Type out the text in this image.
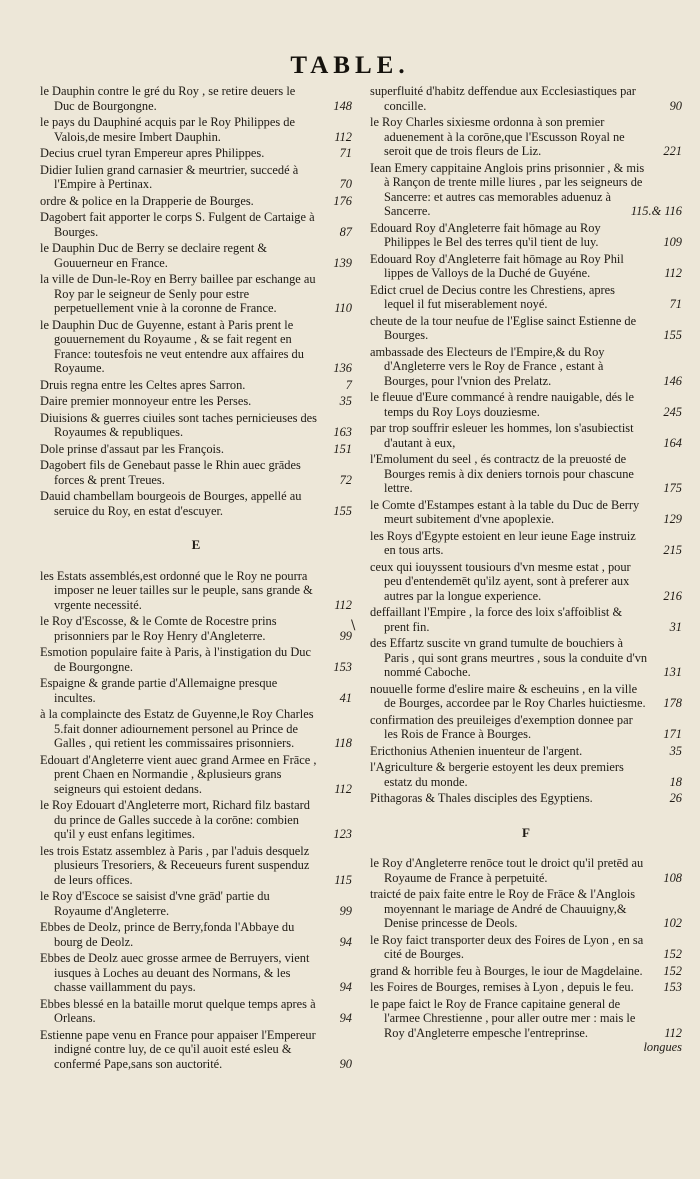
TABLE.
le Dauphin contre le gré du Roy , se retire deuers le Duc de Bourgongne.	148
le pays du Dauphiné acquis par le Roy Philippes de Valois,de mesire Imbert Dauphin.	112
Decius cruel tyran Empereur apres Philippes.	71
Didier Iulien grand carnasier & meurtrier, succedé à l'Empire à Pertinax.	70
ordre & police en la Drapperie de Bourges.	176
Dagobert fait apporter le corps S. Fulgent de Cartaige à Bourges.	87
le Dauphin Duc de Berry se declaire regent & Gouuerneur en France.	139
la ville de Dun-le-Roy en Berry baillee par eschange au Roy par le seigneur de Senly pour estre perpetuellement vnie à la coronne de France.	110
le Dauphin Duc de Guyenne, estant à Paris prent le gouuernement du Royaume , & se fait regent en France: toutesfois ne veut entendre aux affaires du Royaume.	136
Druis regna entre les Celtes apres Sarron.	7
Daire premier monnoyeur entre les Perses.	35
Diuisions & guerres ciuiles sont taches pernicieuses des Royaumes & republiques.	163
Dole prinse d'assaut par les François.	151
Dagobert fils de Genebaut passe le Rhin auec grādes forces & prent Treues.	72
Dauid chambellam bourgeois de Bourges, appellé au seruice du Roy, en estat d'escuyer.	155
E
les Estats assemblés,est ordonné que le Roy ne pourra imposer ne leuer tailles sur le peuple, sans grande & vrgente necessité.	112
le Roy d'Escosse, & le Comte de Rocestre prins prisonniers par le Roy Henry d'Angleterre.	99
Esmotion populaire faite à Paris, à l'instigation du Duc de Bourgongne.	153
Espaigne & grande partie d'Allemaigne presque incultes.	41
à la complaincte des Estatz de Guyenne,le Roy Charles 5.fait donner adiournement personel au Prince de Galles , qui retient les commissaires prisonniers.	118
Edouart d'Angleterre vient auec grand Armee en Frāce , prent Chaen en Normandie , &plusieurs grans seigneurs qui estoient dedans.	112
le Roy Edouart d'Angleterre mort, Richard filz bastard du prince de Galles succede à la corōne: combien qu'il y eust enfans legitimes.	123
les trois Estatz assemblez à Paris , par l'aduis desquelz plusieurs Tresoriers, & Receueurs furent suspenduz de leurs offices.	115
le Roy d'Escoce se saisist d'vne grād' partie du Royaume d'Angleterre.	99
Ebbes de Deolz, prince de Berry,fonda l'Abbaye du bourg de Deolz.	94
Ebbes de Deolz auec grosse armee de Berruyers, vient iusques à Loches au deuant des Normans, & les chasse vaillamment du pays.	94
Ebbes blessé en la bataille morut quelque temps apres à Orleans.	94
Estienne pape venu en France pour appaiser l'Empereur indigné contre luy, de ce qu'il auoit esté esleu & confermé Pape,sans son auctorité.	90
\
superfluité d'habitz deffendue aux Ecclesiastiques par concille.	90
le Roy Charles sixiesme ordonna à son premier aduenement à la corōne,que l'Escusson Royal ne seroit que de trois fleurs de Liz.	221
Iean Emery cappitaine Anglois prins prisonnier , & mis à Rançon de trente mille liures , par les seigneurs de Sancerre: et autres cas memorables aduenuz à Sancerre.	115.& 116
Edouard Roy d'Angleterre fait hōmage au Roy Philippes le Bel des terres qu'il tient de luy.	109
Edouard Roy d'Angleterre fait hōmage au Roy Phil lippes de Valloys de la Duché de Guyéne.	112
Edict cruel de Decius contre les Chrestiens, apres lequel il fut miserablement noyé.	71
cheute de la tour neufue de l'Eglise sainct Estienne de Bourges.	155
ambassade des Electeurs de l'Empire,& du Roy d'Angleterre vers le Roy de France , estant à Bourges, pour l'vnion des Prelatz.	146
le fleuue d'Eure commancé à rendre nauigable, dés le temps du Roy Loys douziesme.	245
par trop souffrir esleuer les hommes, lon s'asubiectist d'autant à eux,	164
l'Emolument du seel , és contractz de la preuosté de Bourges remis à dix deniers tornois pour chascune lettre.	175
le Comte d'Estampes estant à la table du Duc de Berry meurt subitement d'vne apoplexie.	129
les Roys d'Egypte estoient en leur ieune Eage instruiz en tous arts.	215
ceux qui iouyssent tousiours d'vn mesme estat , pour peu d'entendemēt qu'ilz ayent, sont à preferer aux autres par la longue experience.	216
deffaillant l'Empire , la force des loix s'affoiblist & prent fin.	31
des Effartz suscite vn grand tumulte de bouchiers à Paris , qui sont grans meurtres , sous la conduite d'vn nommé Caboche.	131
nouuelle forme d'eslire maire & escheuins , en la ville de Bourges, accordee par le Roy Charles huictiesme. 178
confirmation des preuileiges d'exemption donnee par les Rois de France à Bourges.	171
Ericthonius Athenien inuenteur de l'argent.	35
l'Agriculture & bergerie estoyent les deux premiers estatz du monde.	18
Pithagoras & Thales disciples des Egyptiens.	26
F
le Roy d'Angleterre renōce tout le droict qu'il pretēd au Royaume de France à perpetuité.	108
traicté de paix faite entre le Roy de Frāce & l'Anglois moyennant le mariage de André de Chauuigny,& Denise princesse de Deols.	102
le Roy faict transporter deux des Foires de Lyon , en sa cité de Bourges.	152
grand & horrible feu à Bourges, le iour de Magdelaine. 152
les Foires de Bourges, remises à Lyon , depuis le feu. 153
le pape faict le Roy de France capitaine general de l'armee Chrestienne , pour aller outre mer : mais le Roy d'Angleterre empesche l'entreprinse.	112
longues
